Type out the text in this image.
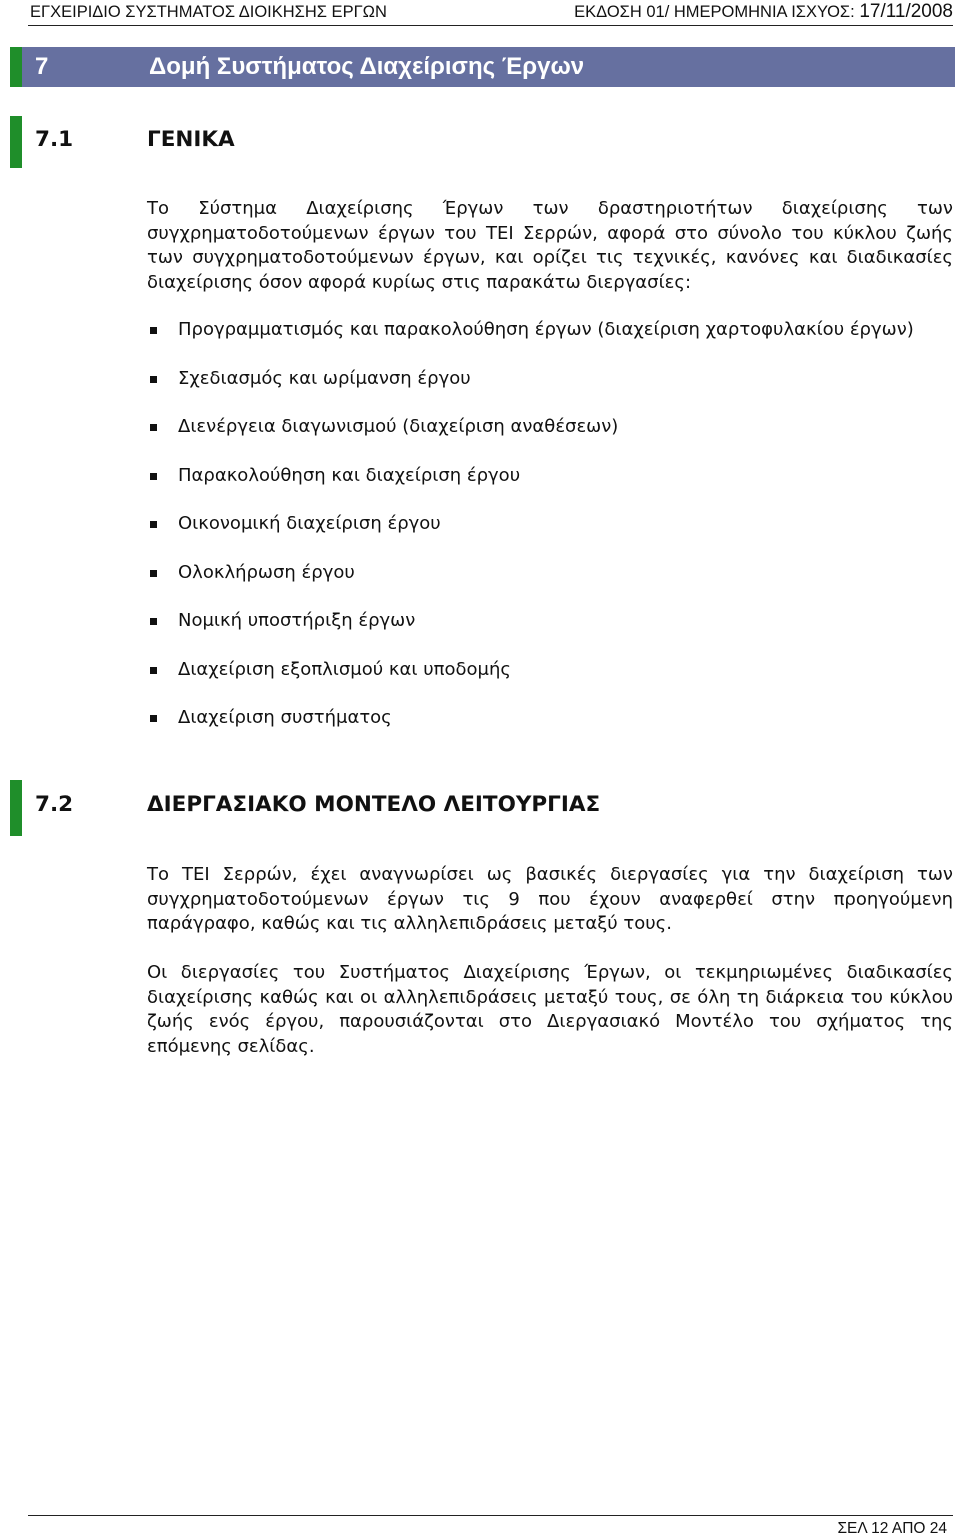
ΕΓΧΕΙΡΙΔΙΟ ΣΥΣΤΗΜΑΤΟΣ ΔΙΟΙΚΗΣΗΣ ΕΡΓΩΝ	ΕΚΔΟΣΗ 01/ ΗΜΕΡΟΜΗΝΙΑ ΙΣΧΥΟΣ: 17/11/2008
7	Δομή Συστήματος Διαχείρισης Έργων
7.1	ΓΕΝΙΚΑ

Το Σύστημα Διαχείρισης Έργων των δραστηριοτήτων διαχείρισης των συγχρηματοδοτούμενων έργων του ΤΕΙ Σερρών, αφορά στο σύνολο του κύκλου ζωής των συγχρηματοδοτούμενων έργων, και ορίζει τις τεχνικές, κανόνες και διαδικασίες διαχείρισης όσον αφορά κυρίως στις παρακάτω διεργασίες:

Προγραμματισμός και παρακολούθηση έργων (διαχείριση χαρτοφυλακίου έργων)
Σχεδιασμός και ωρίμανση έργου
Διενέργεια διαγωνισμού (διαχείριση αναθέσεων)
Παρακολούθηση και διαχείριση έργου
Οικονομική διαχείριση έργου
Ολοκλήρωση έργου
Νομική υποστήριξη έργων
Διαχείριση εξοπλισμού και υποδομής
Διαχείριση συστήματος
7.2	ΔΙΕΡΓΑΣΙΑΚΟ ΜΟΝΤΕΛΟ ΛΕΙΤΟΥΡΓΙΑΣ

Το ΤΕΙ Σερρών, έχει αναγνωρίσει ως βασικές διεργασίες για την διαχείριση των συγχρηματοδοτούμενων έργων τις 9 που έχουν αναφερθεί στην προηγούμενη παράγραφο, καθώς και τις αλληλεπιδράσεις μεταξύ τους.

Οι διεργασίες του Συστήματος Διαχείρισης Έργων, οι τεκμηριωμένες διαδικασίες διαχείρισης καθώς και οι αλληλεπιδράσεις μεταξύ τους, σε όλη τη διάρκεια του κύκλου ζωής ενός έργου, παρουσιάζονται στο Διεργασιακό Μοντέλο του σχήματος της επόμενης σελίδας.

ΣΕΛ 12 ΑΠΟ 24
